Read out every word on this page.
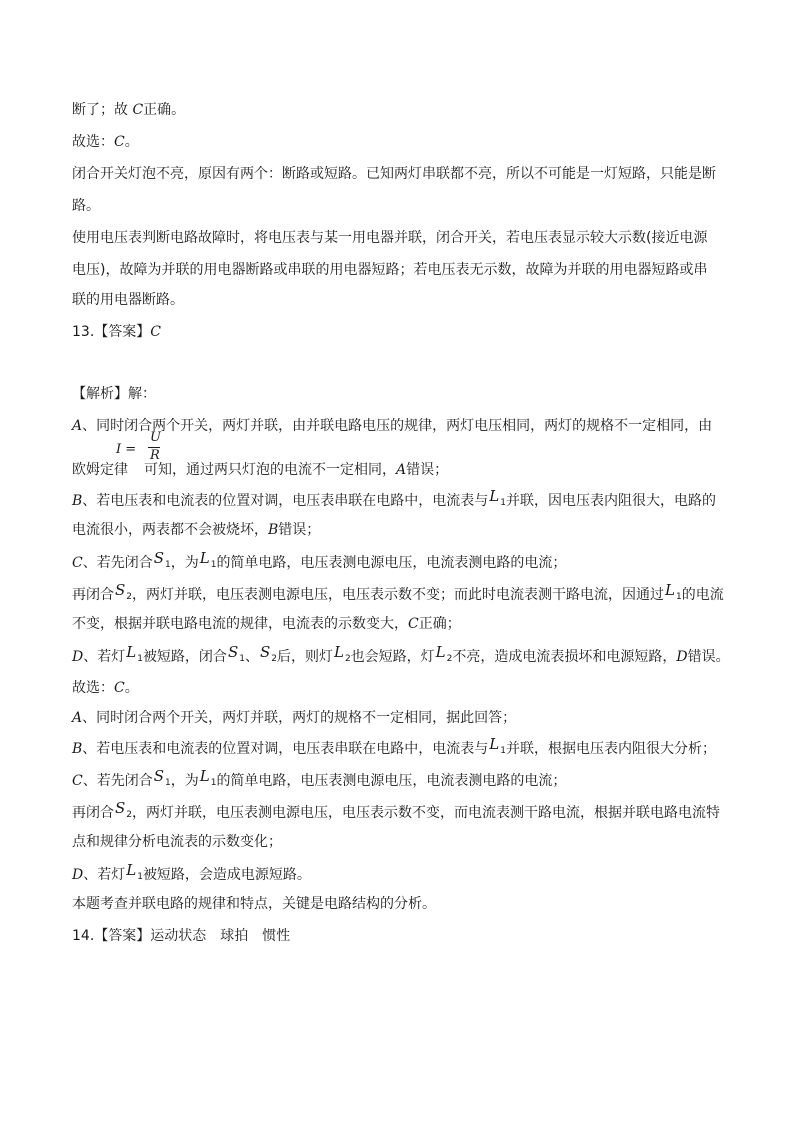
断了；故 C正确。
故选：C。
闭合开关灯泡不亮，原因有两个：断路或短路。已知两灯串联都不亮，所以不可能是一灯短路，只能是断
路。
使用电压表判断电路故障时，将电压表与某一用电器并联，闭合开关，若电压表显示较大示数(接近电源
电压)，故障为并联的用电器断路或串联的用电器短路；若电压表无示数，故障为并联的用电器短路或串
联的用电器断路。
13.【答案】C
【解析】解：
A、同时闭合两个开关，两灯并联，由并联电路电压的规律，两灯电压相同，两灯的规格不一定相同，由
I =
U
R
欧姆定律 可知，通过两只灯泡的电流不一定相同，A错误；
B、若电压表和电流表的位置对调，电压表串联在电路中，电流表与L1并联，因电压表内阻很大，电路的
电流很小，两表都不会被烧坏，B错误；
C、若先闭合S1，为L1的简单电路，电压表测电源电压，电流表测电路的电流；
再闭合S2，两灯并联，电压表测电源电压，电压表示数不变；而此时电流表测干路电流，因通过L1的电流
不变，根据并联电路电流的规律，电流表的示数变大，C正确；
D、若灯L1被短路，闭合S1、S2后，则灯L2也会短路，灯L2不亮，造成电流表损坏和电源短路，D错误。
故选：C。
A、同时闭合两个开关，两灯并联，两灯的规格不一定相同，据此回答；
B、若电压表和电流表的位置对调，电压表串联在电路中，电流表与L1并联，根据电压表内阻很大分析；
C、若先闭合S1，为L1的简单电路，电压表测电源电压，电流表测电路的电流；
再闭合S2，两灯并联，电压表测电源电压，电压表示数不变，而电流表测干路电流，根据并联电路电流特
点和规律分析电流表的示数变化；
D、若灯L1被短路，会造成电源短路。
本题考查并联电路的规律和特点，关键是电路结构的分析。
14.【答案】运动状态　球拍　惯性
